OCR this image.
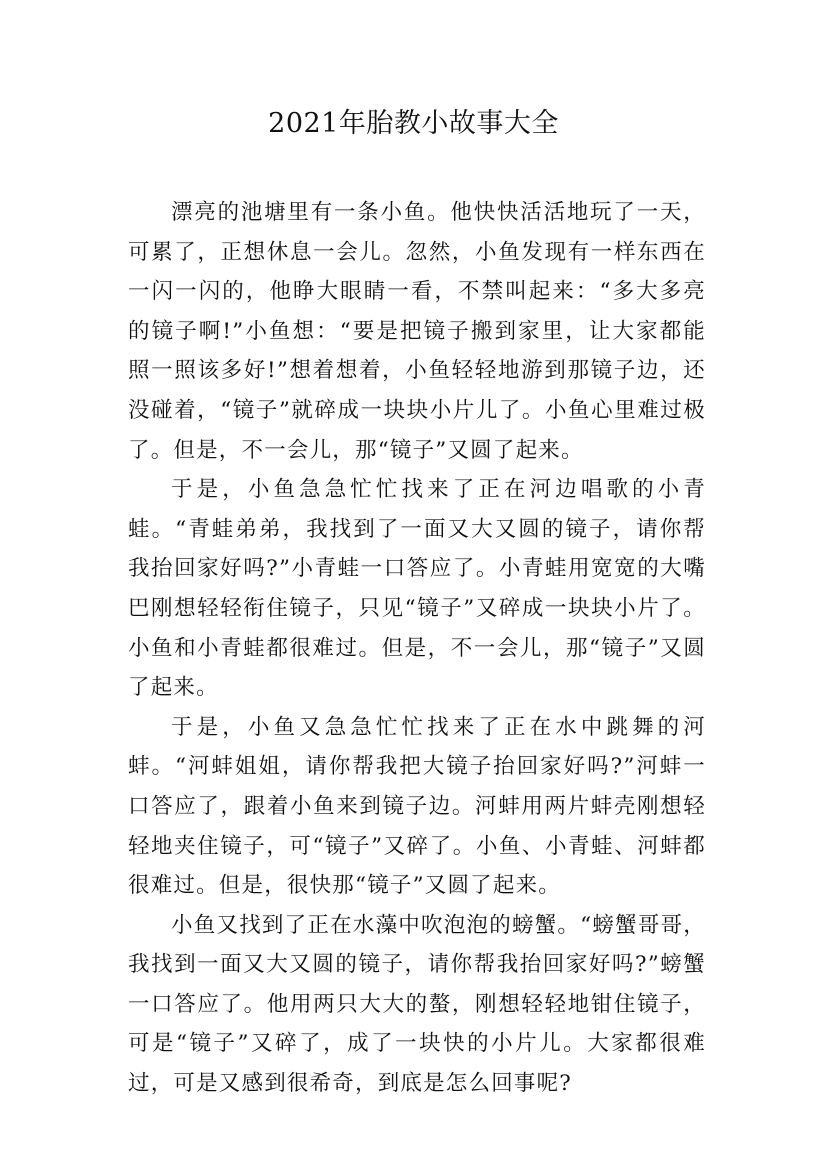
2021年胎教小故事大全

漂亮的池塘里有一条小鱼。他快快活活地玩了一天，可累了，正想休息一会儿。忽然，小鱼发现有一样东西在一闪一闪的，他睁大眼睛一看，不禁叫起来：“多大多亮的镜子啊!”小鱼想：“要是把镜子搬到家里，让大家都能照一照该多好!”想着想着，小鱼轻轻地游到那镜子边，还没碰着，“镜子”就碎成一块块小片儿了。小鱼心里难过极了。但是，不一会儿，那“镜子”又圆了起来。

于是，小鱼急急忙忙找来了正在河边唱歌的小青蛙。“青蛙弟弟，我找到了一面又大又圆的镜子，请你帮我抬回家好吗?”小青蛙一口答应了。小青蛙用宽宽的大嘴巴刚想轻轻衔住镜子，只见“镜子”又碎成一块块小片了。小鱼和小青蛙都很难过。但是，不一会儿，那“镜子”又圆了起来。

于是，小鱼又急急忙忙找来了正在水中跳舞的河蚌。“河蚌姐姐，请你帮我把大镜子抬回家好吗?”河蚌一口答应了，跟着小鱼来到镜子边。河蚌用两片蚌壳刚想轻轻地夹住镜子，可“镜子”又碎了。小鱼、小青蛙、河蚌都很难过。但是，很快那“镜子”又圆了起来。

小鱼又找到了正在水藻中吹泡泡的螃蟹。“螃蟹哥哥，我找到一面又大又圆的镜子，请你帮我抬回家好吗?”螃蟹一口答应了。他用两只大大的螯，刚想轻轻地钳住镜子，可是“镜子”又碎了，成了一块快的小片儿。大家都很难过，可是又感到很希奇，到底是怎么回事呢?
